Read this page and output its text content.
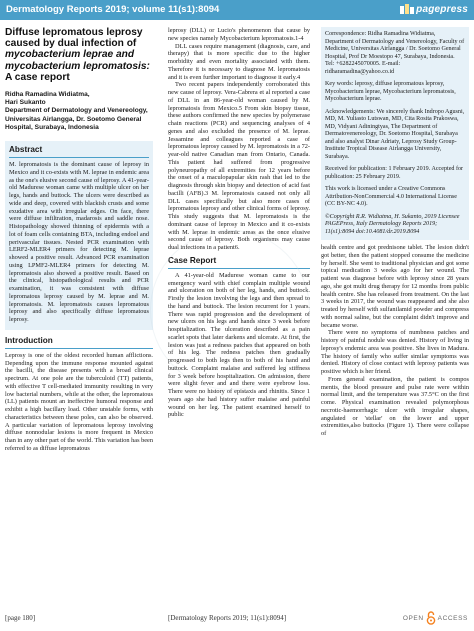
Dermatology Reports 2019; volume 11(s1):8094	pagepress
Diffuse lepromatous leprosy
caused by dual infection of
mycobacterium leprae and
mycobacterium lepromatosis:
A case report
Ridha Ramadina Widiatma,
Hari Sukanto
Department of Dermatology and Venereology, Universitas Airlangga, Dr. Soetomo General Hospital, Surabaya, Indonesia
Abstract

M. lepromatosis is the dominant cause of leprosy in Mexico and it co-exists with M. leprae in endemic area as the one's elusive second cause of leprosy. A 41-year-old Madurese woman came with multiple ulcer on her legs, hands and buttock. The ulcers were described as wide and deep, covered with blackish crusts and some exudative area with irregular edges. On face, there were diffuse infiltration, madarosis and saddle nose. Histopathology showed thinning of epidermis with a lot of foam cells containing BTA, including endoel and perivascular tissues. Nested PCR examination with LERF2-MLER4 primers for detecting M. leprae showed a positive result. Advanced PCR examination using LPMF2-MLER4 primers for detecting M. lepromatosis also showed a positive result. Based on the clinical, histopathological results and PCR examination, it was consistent with diffuse lepromatous leprosy caused by M. leprae and M. lepromatosis. M. lepromatosis causes lepromatous leprosy and also specifically diffuse lepromatous leprosy.

Introduction

Leprosy is one of the oldest recorded human afflictions. Depending upon the immune response mounted against the bacilli, the disease presents with a broad clinical spectrum. At one pole are the tuberculoid (TT) patients, with effective T cell-mediated immunity resulting in very low bacterial numbers, while at the other, the lepromatous (LL) patients mount an ineffective humoral response and exhibit a high bacillary load. Other unstable forms, with characteristics between these poles, can also be observed. A particular variation of lepromatous leprosy involving diffuse nonnodular lesions is more frequent in Mexico than in any other part of the world. This variation has been referred to as diffuse lepromatous

leprosy (DLL) or Lucio's phenomenon that cause by new species namely Mycobacterium lepromatosis.1-4

DLL cases require management (diagnosis, care, and therapy) that is more specific due to the higher morbidity and even mortality associated with them. Therefore it is necessary to diagnose M. lepromatosis and it is even further important to diagnose it early.4

Two recent papers independently corroborated this new cause of leprosy. Vera-Cabrera et al reported a case of DLL in an 86-year-old woman caused by M. lepromatosis from Mexico.5 From skin biopsy tissue, these authors confirmed the new species by polymerase chain reactions (PCR) and sequencing analyses of 4 genes and also excluded the presence of M. leprae. Jessamine and colleagues reported a case of lepromatous leprosy caused by M. lepromatosis in a 72-year-old native Canadian man from Ontario, Canada. This patient had suffered from progressive polyneuropathy of all extremities for 12 years before the onset of a maculopapular skin rash that led to the diagnosis through skin biopsy and detection of acid fast bacilli (AFB).3 M. lepromatosis caused not only all DLL cases specifically but also more cases of lepromatous leprosy and other clinical forms of leprosy. This study suggests that M. lepromatosis is the dominant cause of leprosy in Mexico and it co-exists with M. leprae in endemic areas as the once elusive second cause of leprosy. Both organisms may cause dual infections in a patient6.

Case Report

A 41-year-old Madurese woman came to our emergency ward with chief complain multiple wound and ulceration on both of her leg, hands, and buttock. Firstly the lesion involving the legs and then spread to the hand and buttock. The lesion recurrent for 1 years. There was rapid progression and the development of new ulcers on his legs and hands since 3 week before hospitalization. The ulceration described as a pain scarlet spots that later darkens and ulcerate. At first, the lesion was just a redness patches that appeared on both of his leg. The redness patches then gradually progressed to both legs then to both of his hand and buttock. Complaint malaise and suffered leg stiffness for 3 week before hospitalization. On admission, there were slight fever and and there were eyebrow loss. There were no history of epistaxis and rhinitis. Since 1 years ago she had history suffer malaise and painful wound on her leg. The patient examined herself to public

Correspondence: Ridha Ramadina Widiatma, Department of Dermatology and Venereology, Faculty of Medicine, Universitas Airlangga / Dr. Soetomo General Hospital, Prof Dr Moestopo 47, Surabaya, Indonesia. Tel: +6282245070005. E-mail: ridharamadina@yahoo.co.id

Key words: leprosy, diffuse lepromatous leprosy, Mycobacterium leprae, Mycobacterium lepromatosis, Mycobacterium leprae.

Acknowledgements: We sincerely thank Indropo Agusni, MD, M. Yuliasto Lutswan, MD, Cita Rosita Prakoswa, MD, Vidyani Adiningtyas, The Department of Dermatovenereology, Dr. Soetomo Hospital, Surabaya and also analyst Dinar Adriaty, Leprosy Study Group-Institute Tropical Disease Airlangga University, Surabaya.

Received for publication: 1 February 2019. Accepted for publication: 25 February 2019.

This work is licensed under a Creative Commons Attribution-NonCommercial 4.0 International License (CC BY-NC 4.0).

©Copyright R.R. Widiatma, H. Sukanto, 2019 Licensee PAGEPress, Italy Dermatology Reports 2019; 11(s1):8094 doi:10.4081/dr.2019.8094

health centre and got prednisone tablet. The lesion didn't got better, then the patient stopped consume the medicine by herself. She went to traditional physician and got some topical medication 3 weeks ago for her wound. The patient was diagnose before with leprosy since 28 years ago, she got multi drug therapy for 12 months from public health centre. She has released from treatment. On the last 3 weeks in 2017, the wound was reappeared and she also treated by herself with sulfanilamid powder and compress with normal saline, but the complaint didn't improve and became worse.

There were no symptoms of numbness patches and history of painful nodule was denied. History of living in leprosy's endemic area was positive. She lives in Madura. The history of family who suffer similar symptoms was denied. History of close contact with leprosy patients was positive which is her friend.

From general examination, the patient is compos mentis, the blood pressure and pulse rate were within normal limit, and the temperature was 37.5°C on the first come. Physical examination revealed polymorphous necrotic-haemorrhagic ulcer with irregular shapes, angulated or 'stellar' on the lower and upper extremities,also buttocks (Figure 1). There were collapse of

[page 180]	[Dermatology Reports 2019; 11(s1):8094]	OPEN ACCESS
